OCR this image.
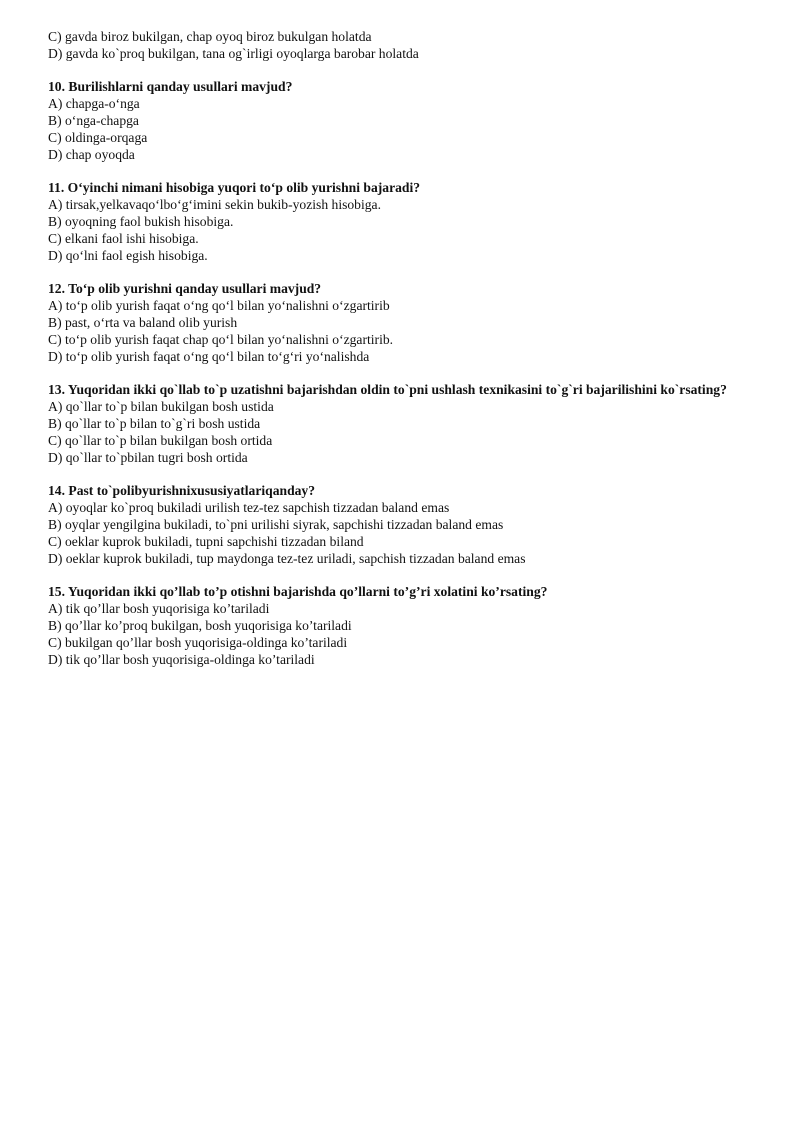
C) gavda biroz bukilgan, chap oyoq biroz bukulgan holatda
D) gavda ko`proq bukilgan, tana og`irligi oyoqlarga barobar holatda
10. Burilishlarni qanday usullari mavjud?
A) chapga-o‘nga
B) o‘nga-chapga
C) oldinga-orqaga
D) chap oyoqda
11. O‘yinchi nimani hisobiga yuqori to‘p olib yurishni bajaradi?
A) tirsak,yelkavaqo‘lbo‘g‘imini sekin bukib-yozish hisobiga.
B) oyoqning faol bukish hisobiga.
C) elkani faol ishi hisobiga.
D) qo‘lni faol egish hisobiga.
12. To‘p olib yurishni qanday usullari mavjud?
A) to‘p olib yurish faqat o‘ng qo‘l bilan yo‘nalishni o‘zgartirib
B) past, o‘rta va baland olib yurish
C) to‘p olib yurish faqat chap qo‘l bilan yo‘nalishni o‘zgartirib.
D) to‘p olib yurish faqat o‘ng qo‘l bilan to‘g‘ri yo‘nalishda
13. Yuqoridan ikki qo`llab to`p uzatishni bajarishdan oldin to`pni ushlash texnikasini to`g`ri bajarilishini ko`rsating?
A) qo`llar to`p bilan bukilgan bosh ustida
B) qo`llar to`p bilan to`g`ri bosh ustida
C) qo`llar to`p bilan bukilgan bosh ortida
D) qo`llar to`pbilan tugri bosh ortida
14. Past to`polibyurishnixususiyatlariqanday?
A) oyoqlar ko`proq bukiladi urilish tez-tez sapchish tizzadan baland emas
B) oyqlar yengilgina bukiladi, to`pni urilishi siyrak, sapchishi tizzadan baland emas
C) oeklar kuprok bukiladi, tupni sapchishi tizzadan biland
D) oeklar kuprok bukiladi, tup maydonga tez-tez uriladi, sapchish tizzadan baland emas
15. Yuqoridan ikki qo’llab to’p otishni bajarishda qo’llarni to’g’ri xolatini ko’rsating?
A) tik qo’llar bosh yuqorisiga ko’tariladi
B) qo’llar ko’proq bukilgan, bosh yuqorisiga ko’tariladi
C) bukilgan qo’llar bosh yuqorisiga-oldinga ko’tariladi
D) tik qo’llar bosh yuqorisiga-oldinga ko’tariladi
